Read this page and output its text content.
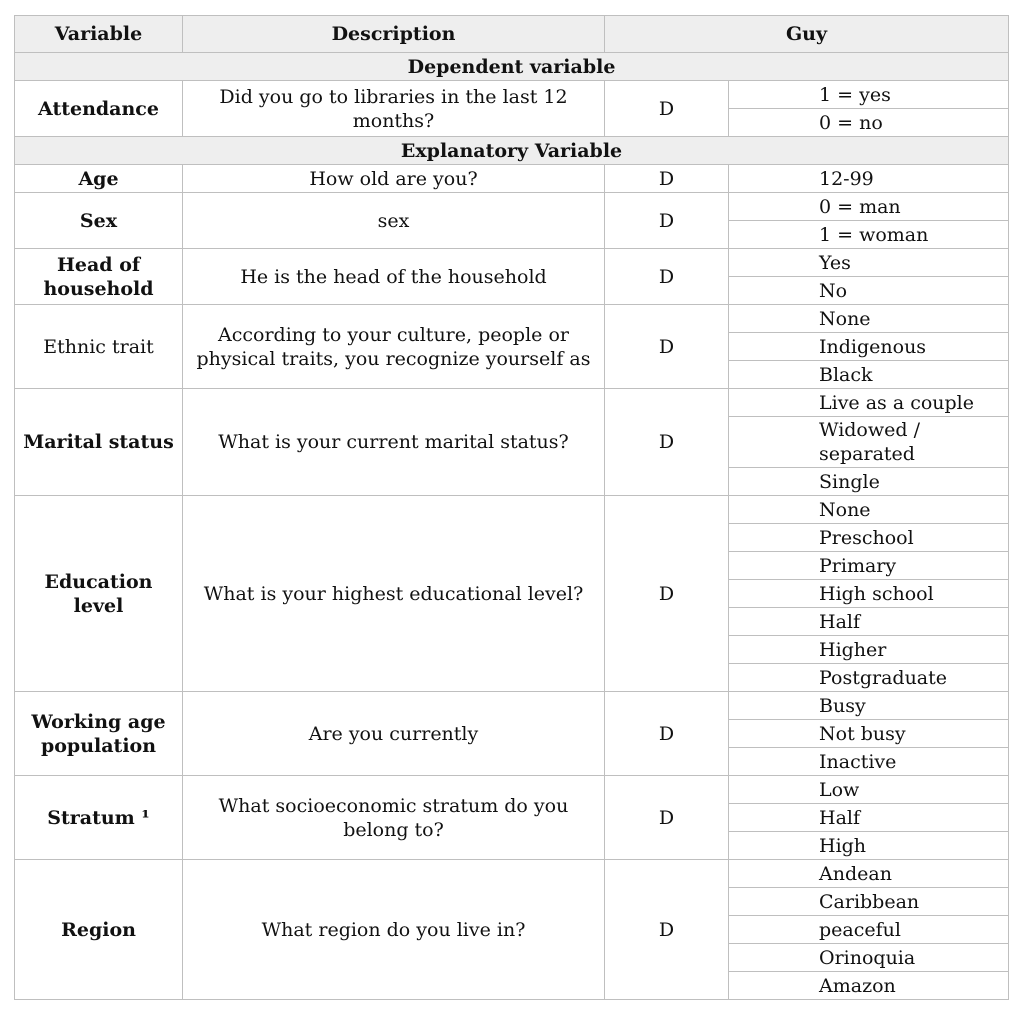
Variable	Description	Guy	
Dependent variable			
Attendance	Did you go to libraries in the last 12 months?	D	1 = yes
			0 = no
Explanatory Variable			
Age	How old are you?	D	12-99
Sex	sex	D	0 = man
			1 = woman
Head of household	He is the head of the household	D	Yes
			No
Ethnic trait	According to your culture, people or physical traits, you recognize yourself as	D	None
			Indigenous
			Black
Marital status	What is your current marital status?	D	Live as a couple
			Widowed / separated
			Single
Education level	What is your highest educational level?	D	None
			Preschool
			Primary
			High school
			Half
			Higher
			Postgraduate
Working age population	Are you currently	D	Busy
			Not busy
			Inactive
Stratum ¹	What socioeconomic stratum do you belong to?	D	Low
			Half
			High
Region	What region do you live in?	D	Andean
			Caribbean
			peaceful
			Orinoquia
			Amazon
